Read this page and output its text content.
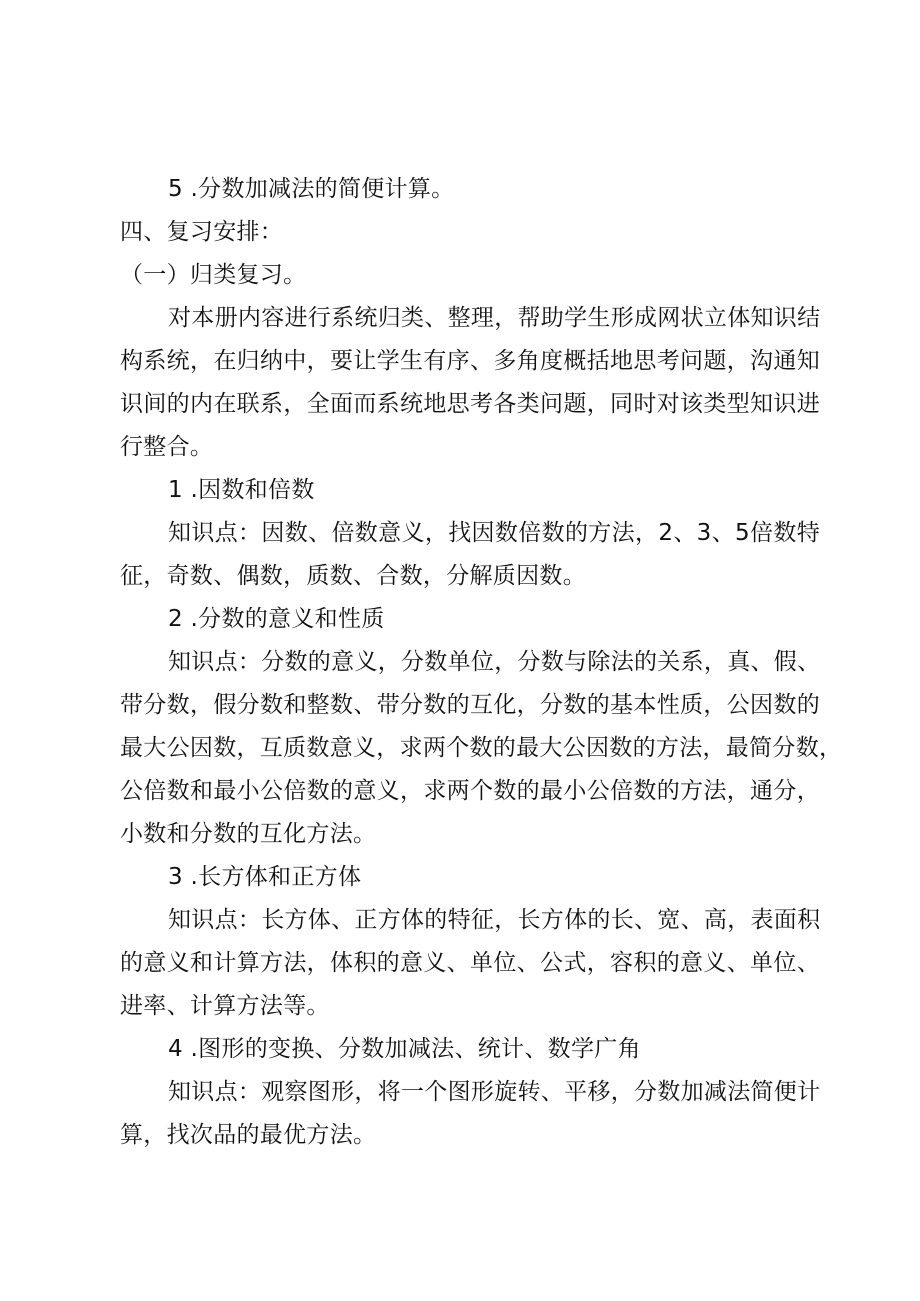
5 .分数加减法的简便计算。
四、复习安排：
（一）归类复习。
对本册内容进行系统归类、整理，帮助学生形成网状立体知识结
构系统，在归纳中，要让学生有序、多角度概括地思考问题，沟通知
识间的内在联系，全面而系统地思考各类问题，同时对该类型知识进
行整合。
1 .因数和倍数
知识点：因数、倍数意义，找因数倍数的方法，2、3、5倍数特
征，奇数、偶数，质数、合数，分解质因数。
2 .分数的意义和性质
知识点：分数的意义，分数单位，分数与除法的关系，真、假、
带分数，假分数和整数、带分数的互化，分数的基本性质，公因数的
最大公因数，互质数意义，求两个数的最大公因数的方法，最简分数，
公倍数和最小公倍数的意义，求两个数的最小公倍数的方法，通分，
小数和分数的互化方法。
3 .长方体和正方体
知识点：长方体、正方体的特征，长方体的长、宽、高，表面积
的意义和计算方法，体积的意义、单位、公式，容积的意义、单位、
进率、计算方法等。
4 .图形的变换、分数加减法、统计、数学广角
知识点：观察图形，将一个图形旋转、平移，分数加减法简便计
算，找次品的最优方法。
